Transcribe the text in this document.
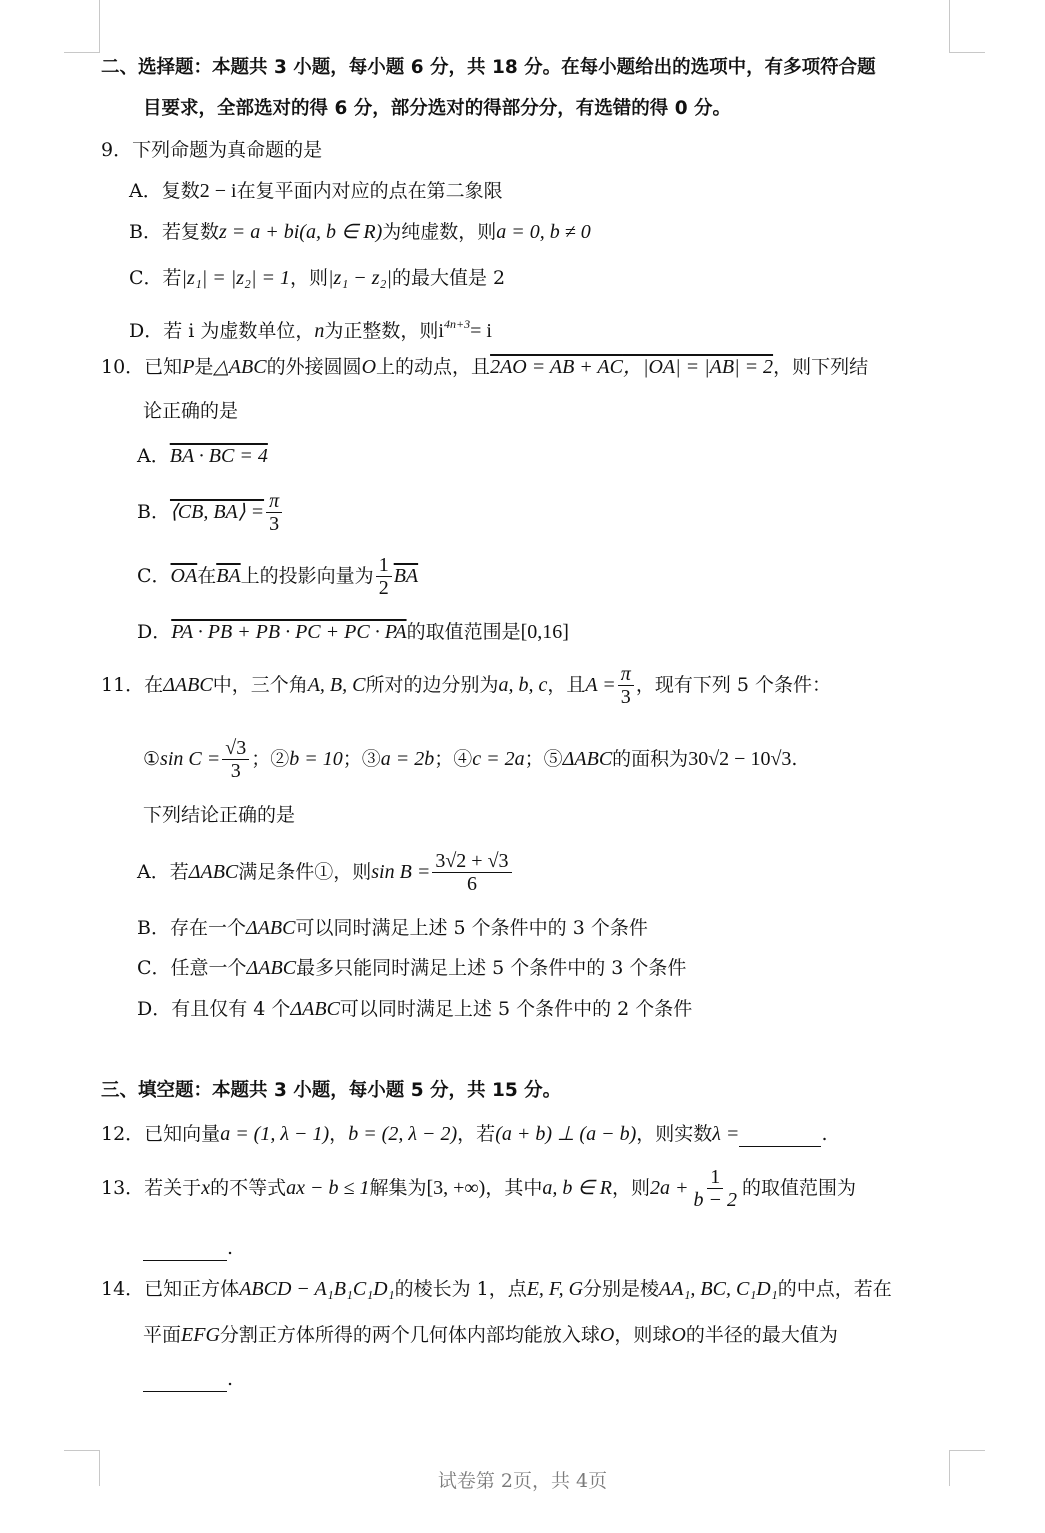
二、选择题：本题共 3 小题，每小题 6 分，共 18 分。在每小题给出的选项中，有多项符合题
目要求，全部选对的得 6 分，部分选对的得部分分，有选错的得 0 分。
9．下列命题为真命题的是
A．复数2 − i在复平面内对应的点在第二象限
B．若复数z = a + bi(a, b ∈ R)为纯虚数，则a = 0, b ≠ 0
C．若|z₁| = |z₂| = 1，则|z₁ − z₂|的最大值是 2
D．若 i 为虚数单位，n为正整数，则$i^{4n+3}= i$
10．已知P是△ABC的外接圆圆O上的动点，且2AO = AB + AC，|OA| = |AB| = 2，则下列结
论正确的是
A．BA · BC = 4
B． ⟨CB, BA⟩ = $\frac{\pi}{3}$
C． $\overline{OA}$ 在 $\overline{BA}$ 上的投影向量为 $\frac{1}{2} \overline{BA}$
D．PA · PB + PB · PC + PC · PA的取值范围是[0,16]
11．在 ΔABC 中，三个角 A, B, C 所对的边分别为 a, b, c ，且 $A = \frac{\pi}{3}$ ，现有下列 5 个条件：
① $\sin C = \frac{√3}{3}$ ；② b = 10 ；③ a = 2b ；④ c = 2a ；⑤ ΔABC 的面积为 30√2 − 10√3 .
下列结论正确的是
A．若 ΔABC 满足条件①，则 $\sin B = \frac{3√2 + √3}{6}$
B．存在一个ΔABC可以同时满足上述 5 个条件中的 3 个条件
C．任意一个ΔABC最多只能同时满足上述 5 个条件中的 3 个条件
D．有且仅有 4 个ΔABC可以同时满足上述 5 个条件中的 2 个条件
三、填空题：本题共 3 小题，每小题 5 分，共 15 分。
12．已知向量a = (1, λ − 1)，b = (2, λ − 2)，若(a + b) ⊥ (a − b)，则实数λ =	.
13．若关于 x 的不等式 ax − b ≤ 1 解集为 [3, +∞) ，其中 a, b ∈ R ，则 $2a + \frac{1}{b - 2}$ 的取值范围为
.
14．已知正方体ABCD − A₁B₁C₁D₁的棱长为 1，点E, F, G分别是棱AA₁, BC, C₁D₁的中点，若在
平面EFG分割正方体所得的两个几何体内部均能放入球O，则球O的半径的最大值为
.
试卷第 2页，共 4页
